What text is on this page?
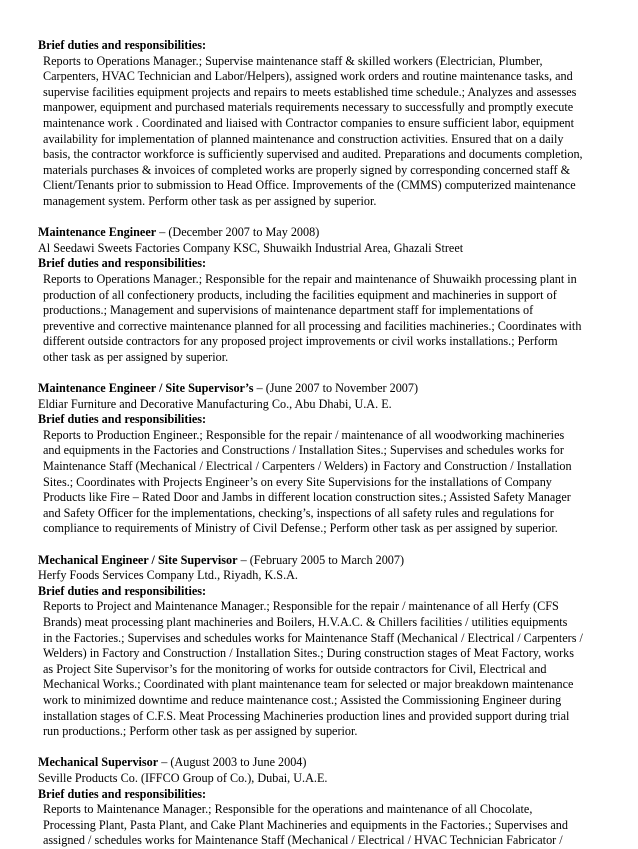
Brief duties and responsibilities:
Reports to Operations Manager.; Supervise maintenance staff & skilled workers (Electrician, Plumber,
Carpenters, HVAC Technician and Labor/Helpers), assigned work orders and routine maintenance tasks, and
supervise facilities equipment projects and repairs to meets established time schedule.; Analyzes and assesses
manpower, equipment and purchased materials requirements necessary to successfully and promptly execute
maintenance work . Coordinated and liaised with Contractor companies to ensure sufficient labor, equipment
availability for implementation of planned maintenance and construction activities. Ensured that on a daily
basis, the contractor workforce is sufficiently supervised and audited. Preparations and documents completion,
materials purchases & invoices of completed works are properly signed by corresponding concerned staff &
Client/Tenants prior to submission to Head Office. Improvements of the (CMMS) computerized maintenance
management system. Perform other task as per assigned by superior.
Maintenance Engineer – (December 2007 to May 2008)
Al Seedawi Sweets Factories Company KSC, Shuwaikh Industrial Area, Ghazali Street
Brief duties and responsibilities:
Reports to Operations Manager.; Responsible for the repair and maintenance of Shuwaikh processing plant in
production of all confectionery products, including the facilities equipment and machineries in support of
productions.; Management and supervisions of maintenance department staff for implementations of
preventive and corrective maintenance planned for all processing and facilities machineries.; Coordinates with
different outside contractors for any proposed project improvements or civil works installations.; Perform
other task as per assigned by superior.
Maintenance Engineer / Site Supervisor’s – (June 2007 to November 2007)
Eldiar Furniture and Decorative Manufacturing Co., Abu Dhabi, U.A. E.
Brief duties and responsibilities:
Reports to Production Engineer.; Responsible for the repair / maintenance of all woodworking machineries
and equipments in the Factories and Constructions / Installation Sites.; Supervises and schedules works for
Maintenance Staff (Mechanical / Electrical / Carpenters / Welders) in Factory and Construction / Installation
Sites.; Coordinates with Projects Engineer’s on every Site Supervisions for the installations of Company
Products like Fire – Rated Door and Jambs in different location construction sites.; Assisted Safety Manager
and Safety Officer for the implementations, checking’s, inspections of all safety rules and regulations for
compliance to requirements of Ministry of Civil Defense.; Perform other task as per assigned by superior.
Mechanical Engineer / Site Supervisor – (February 2005 to March 2007)
Herfy Foods Services Company Ltd., Riyadh, K.S.A.
Brief duties and responsibilities:
Reports to Project and Maintenance Manager.; Responsible for the repair / maintenance of all Herfy (CFS
Brands) meat processing plant machineries and Boilers, H.V.A.C. & Chillers facilities / utilities equipments
in the Factories.; Supervises and schedules works for Maintenance Staff (Mechanical / Electrical / Carpenters /
Welders) in Factory and Construction / Installation Sites.; During construction stages of Meat Factory, works
as Project Site Supervisor’s for the monitoring of works for outside contractors for Civil, Electrical and
Mechanical Works.; Coordinated with plant maintenance team for selected or major breakdown maintenance
work to minimized downtime and reduce maintenance cost.; Assisted the Commissioning Engineer during
installation stages of C.F.S. Meat Processing Machineries production lines and provided support during trial
run productions.; Perform other task as per assigned by superior.
Mechanical Supervisor – (August 2003 to June 2004)
Seville Products Co. (IFFCO Group of Co.), Dubai, U.A.E.
Brief duties and responsibilities:
Reports to Maintenance Manager.; Responsible for the operations and maintenance of all Chocolate,
Processing Plant, Pasta Plant, and Cake Plant Machineries and equipments in the Factories.; Supervises and
assigned / schedules works for Maintenance Staff (Mechanical / Electrical / HVAC Technician Fabricator /
